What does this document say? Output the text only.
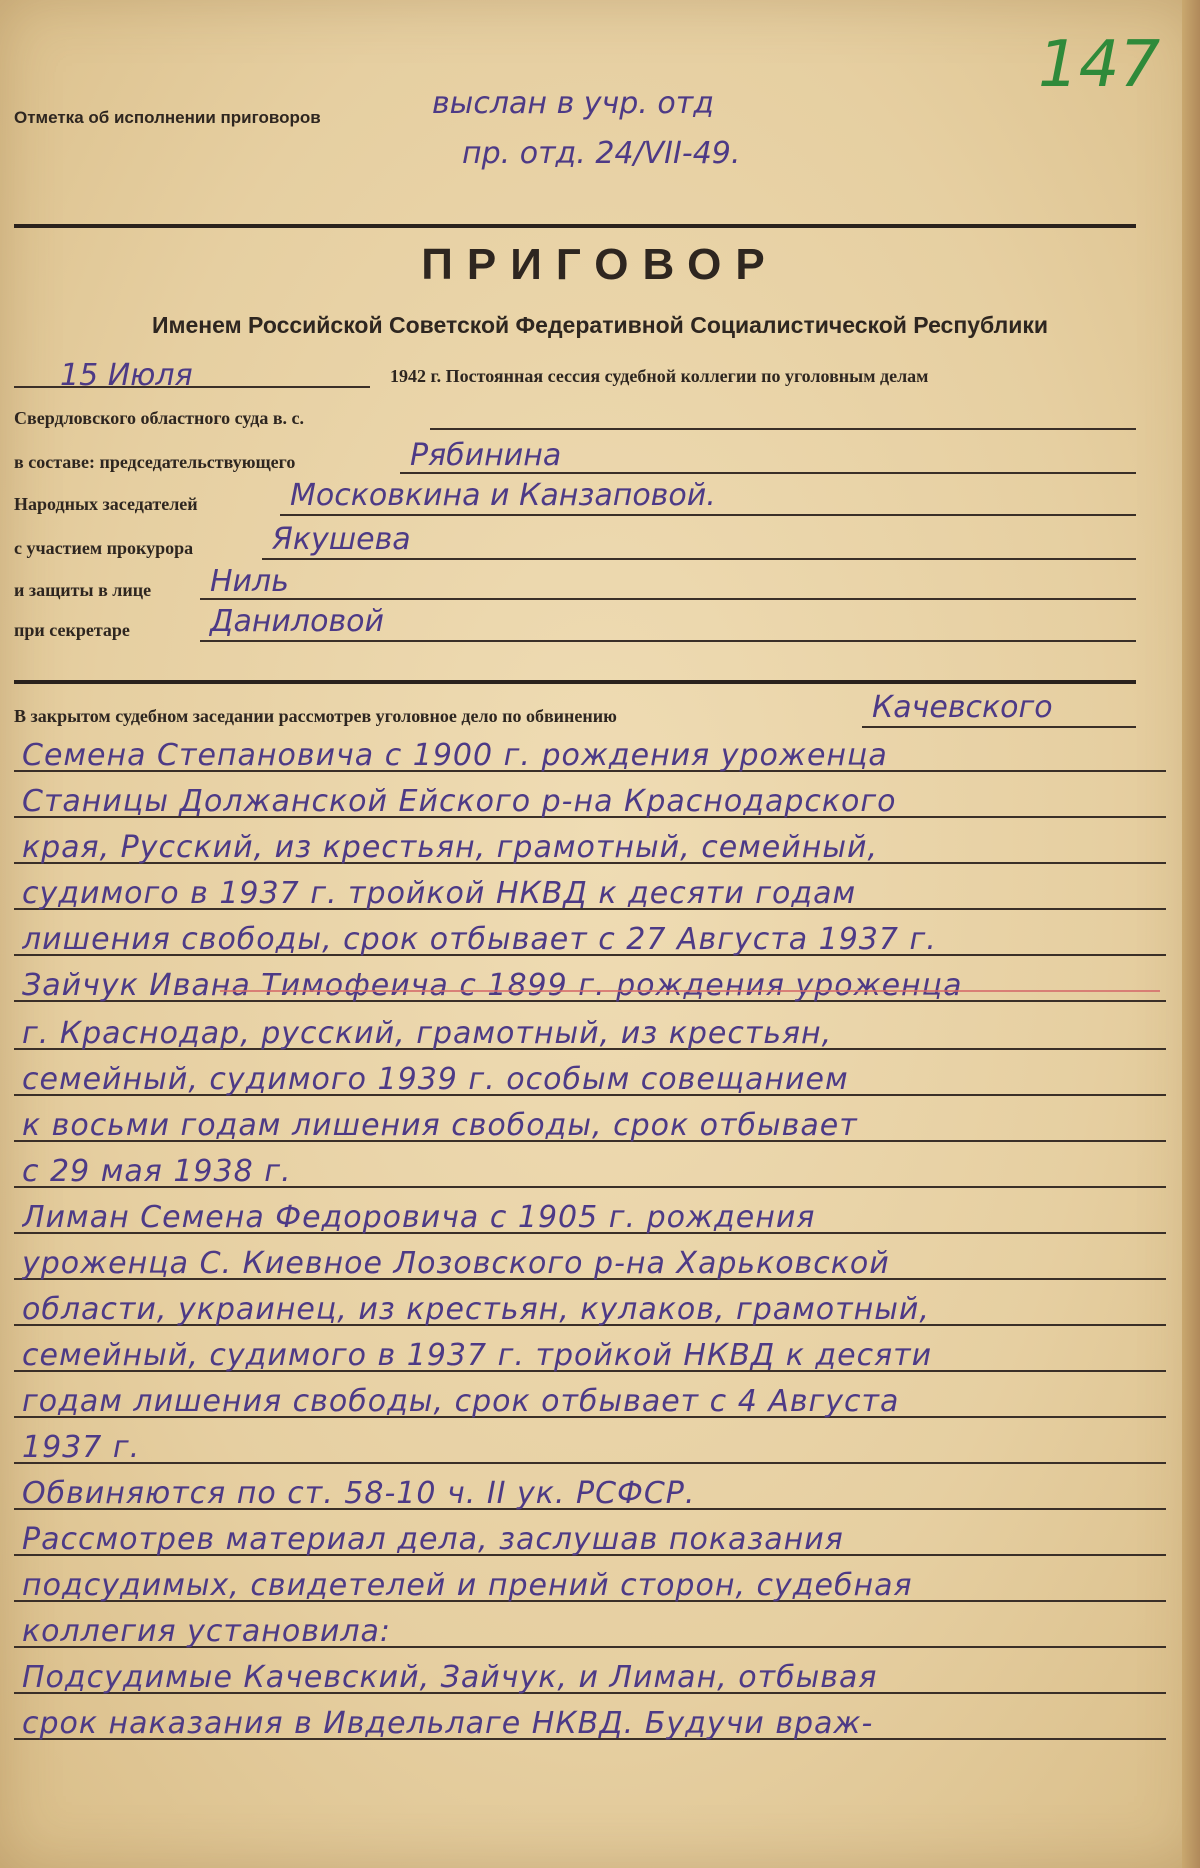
Отметка об исполнении приговоров	выслан в учр. отд
пр. отд. 24/VII-49.
147
ПРИГОВОР
Именем Российской Советской Федеративной Социалистической Республики
15 Июля	1942 г. Постоянная сессия судебной коллегии по уголовным делам
Свердловского областного суда в. с.
в составе: председательствующего	Рябинина
Народных заседателей	Московкина и Канзаповой.
с участием прокурора	Якушева
и защиты в лице Ниль
при секретаре	Даниловой
В закрытом судебном заседании рассмотрев уголовное дело по обвинению	Качевского
Семена Степановича с 1900 г. рождения уроженца
Станицы Должанской Ейского р-на Краснодарского
края, Русский, из крестьян, грамотный, семейный,
судимого в 1937 г. тройкой НКВД к десяти годам
лишения свободы, срок отбывает с 27 Августа 1937 г.
Зайчук Ивана Тимофеича с 1899 г. рождения уроженца
г. Краснодар, русский, грамотный, из крестьян,
семейный, судимого 1939 г. особым совещанием
к восьми годам лишения свободы, срок отбывает
с 29 мая 1938 г.
Лиман Семена Федоровича с 1905 г. рождения
уроженца С. Киевное Лозовского р-на Харьковской
области, украинец, из крестьян, кулаков, грамотный,
семейный, судимого в 1937 г. тройкой НКВД к десяти
годам лишения свободы, срок отбывает с 4 Августа
1937 г.
Обвиняются по ст. 58-10 ч. II ук. РСФСР.
Рассмотрев материал дела, заслушав показания
подсудимых, свидетелей и прений сторон, судебная
коллегия установила:
Подсудимые Качевский, Зайчук, и Лиман, отбывая
срок наказания в Ивдельлаге НКВД. Будучи враж-
